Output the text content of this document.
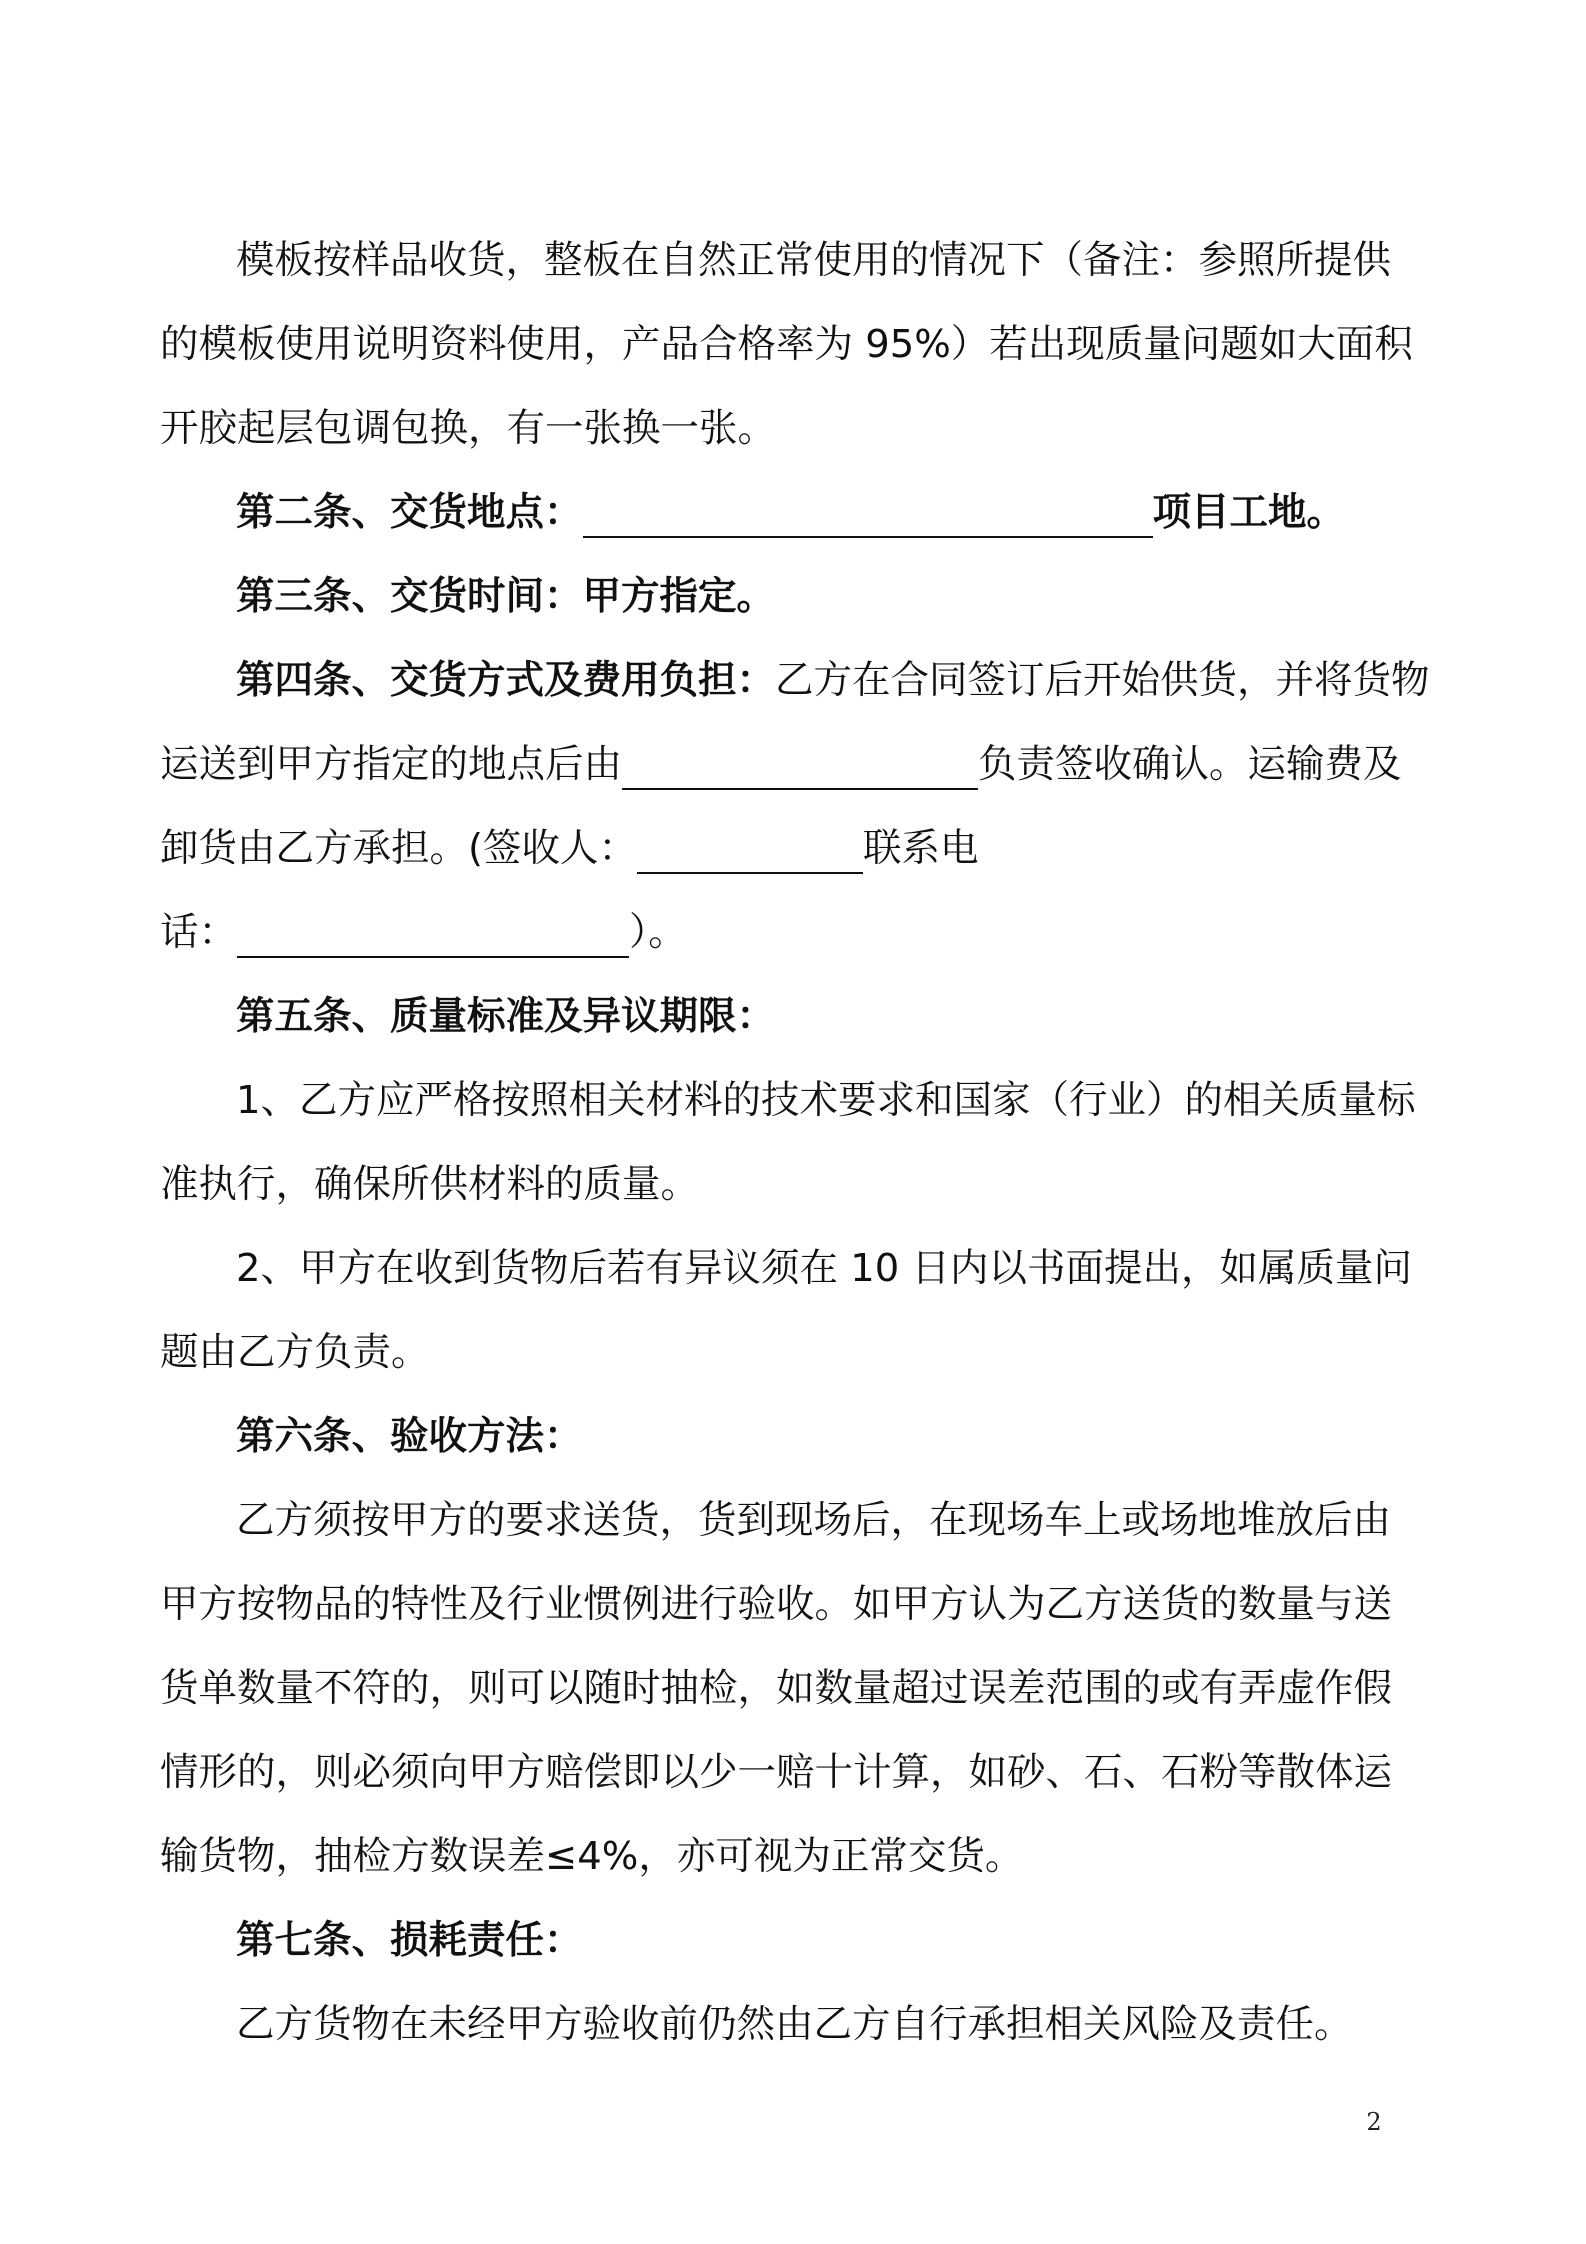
模板按样品收货，整板在自然正常使用的情况下（备注：参照所提供
的模板使用说明资料使用，产品合格率为 95%）若出现质量问题如大面积
开胶起层包调包换，有一张换一张。
第二条、交货地点：	项目工地。
第三条、交货时间：甲方指定。
第四条、交货方式及费用负担：乙方在合同签订后开始供货，并将货物
运送到甲方指定的地点后由	负责签收确认。运输费及
卸货由乙方承担。(签收人：	联系电
话：	）。
第五条、质量标准及异议期限：
1、乙方应严格按照相关材料的技术要求和国家（行业）的相关质量标
准执行，确保所供材料的质量。
2、甲方在收到货物后若有异议须在 10 日内以书面提出，如属质量问
题由乙方负责。
第六条、验收方法：
乙方须按甲方的要求送货，货到现场后，在现场车上或场地堆放后由
甲方按物品的特性及行业惯例进行验收。如甲方认为乙方送货的数量与送
货单数量不符的，则可以随时抽检，如数量超过误差范围的或有弄虚作假
情形的，则必须向甲方赔偿即以少一赔十计算，如砂、石、石粉等散体运
输货物，抽检方数误差≤4%，亦可视为正常交货。
第七条、损耗责任：
乙方货物在未经甲方验收前仍然由乙方自行承担相关风险及责任。
2
